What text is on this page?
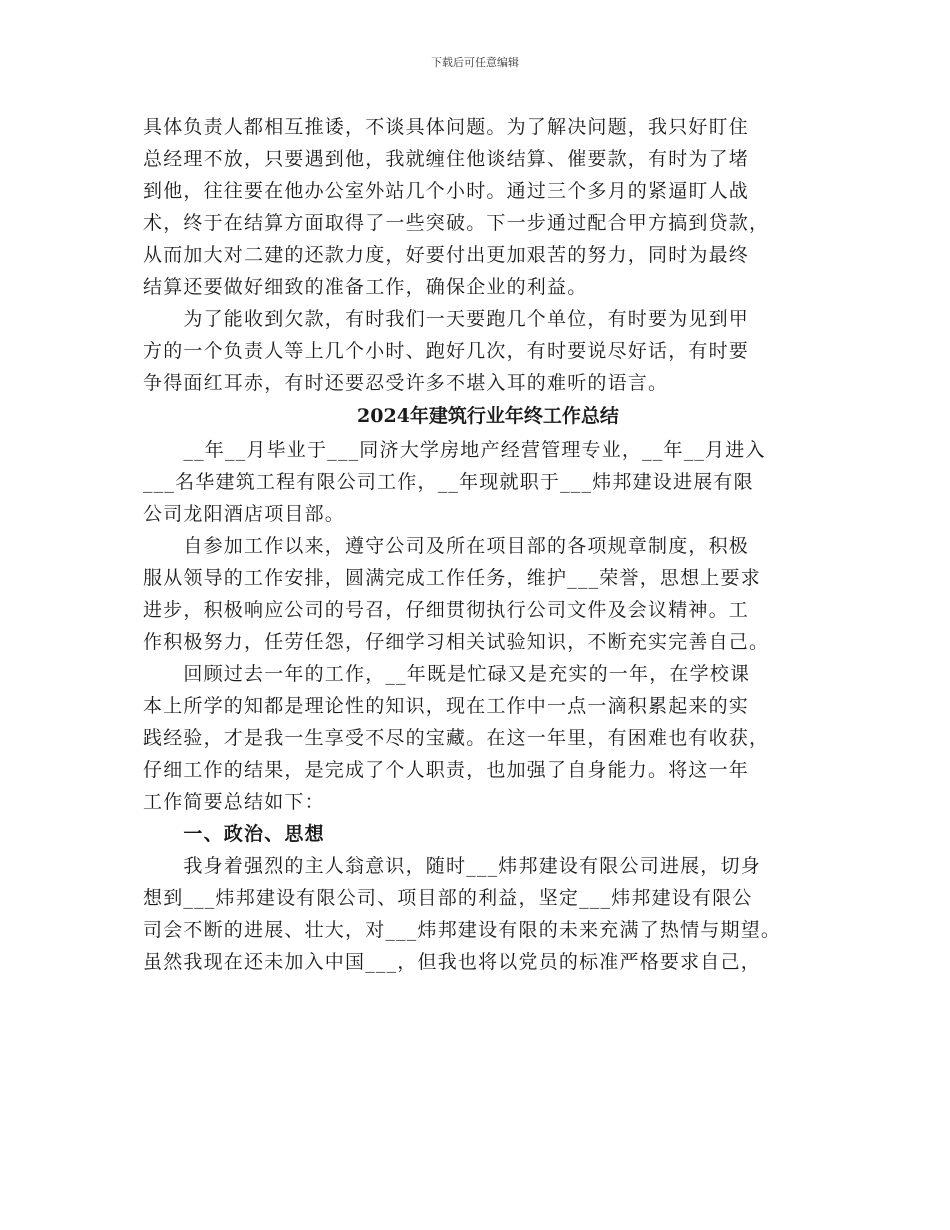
下载后可任意编辑
具体负责人都相互推诿，不谈具体问题。为了解决问题，我只好盯住
总经理不放，只要遇到他，我就缠住他谈结算、催要款，有时为了堵
到他，往往要在他办公室外站几个小时。通过三个多月的紧逼盯人战
术，终于在结算方面取得了一些突破。下一步通过配合甲方搞到贷款，
从而加大对二建的还款力度，好要付出更加艰苦的努力，同时为最终
结算还要做好细致的准备工作，确保企业的利益。
　　为了能收到欠款，有时我们一天要跑几个单位，有时要为见到甲
方的一个负责人等上几个小时、跑好几次，有时要说尽好话，有时要
争得面红耳赤，有时还要忍受许多不堪入耳的难听的语言。
2024年建筑行业年终工作总结
　　__年__月毕业于___同济大学房地产经营管理专业，__年__月进入
___名华建筑工程有限公司工作，__年现就职于___炜邦建设进展有限
公司龙阳酒店项目部。
　　自参加工作以来，遵守公司及所在项目部的各项规章制度，积极
服从领导的工作安排，圆满完成工作任务，维护___荣誉，思想上要求
进步，积极响应公司的号召，仔细贯彻执行公司文件及会议精神。工
作积极努力，任劳任怨，仔细学习相关试验知识，不断充实完善自己。
　　回顾过去一年的工作，__年既是忙碌又是充实的一年，在学校课
本上所学的知都是理论性的知识，现在工作中一点一滴积累起来的实
践经验，才是我一生享受不尽的宝藏。在这一年里，有困难也有收获，
仔细工作的结果，是完成了个人职责，也加强了自身能力。将这一年
工作简要总结如下：
　　一、政治、思想
　　我身着强烈的主人翁意识，随时___炜邦建设有限公司进展，切身
想到___炜邦建设有限公司、项目部的利益，坚定___炜邦建设有限公
司会不断的进展、壮大，对___炜邦建设有限的未来充满了热情与期望。
虽然我现在还未加入中国___，但我也将以党员的标准严格要求自己，
